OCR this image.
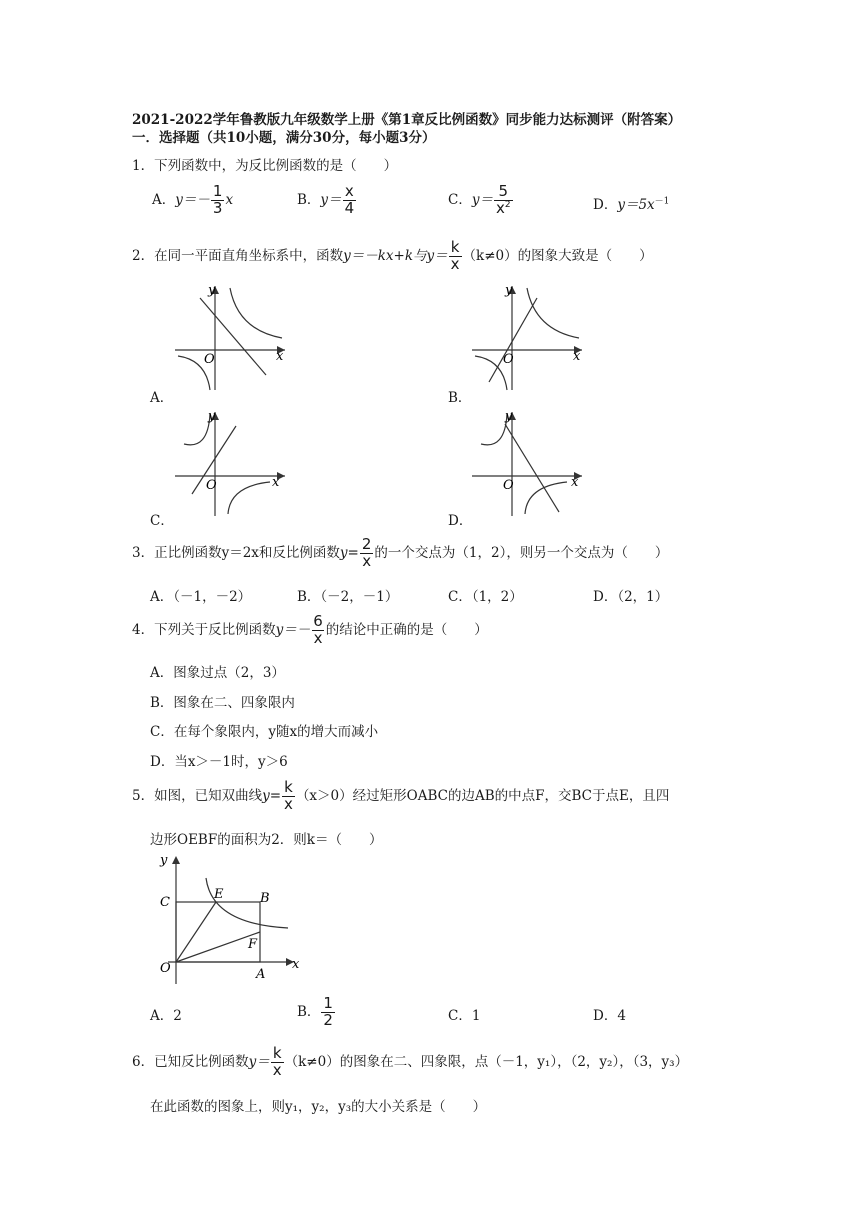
2021-2022学年鲁教版九年级数学上册《第1章反比例函数》同步能力达标测评（附答案）
一．选择题（共10小题，满分30分，每小题3分）
1．下列函数中，为反比例函数的是（　　）
A．$y=- \frac{1}{3}$ x	B．$y= \frac{x}{4}$	C．$y= \frac{5}{x^2}$	D．$y=5x^{-1}$
2．在同一平面直角坐标系中，函数y＝－kx+k与$y= \frac{k}{x} (k\ne 0)$的图象大致是（　　）
y
x
O
A．
y
x
O
B．
y
x
O
C．
y
x
O
D．
3．正比例函数y＝2x和反比例函数$y= \frac{2}{x}$ 的一个交点为（1，2），则另一个交点为（　　）
A．（－1，－2）	B．（－2，－1）	C．（1，2）	D．（2，1）
4．下列关于反比例函数$y=- \frac{6}{x}$ 的结论中正确的是（　　）
A．图象过点（2，3）
B．图象在二、四象限内
C．在每个象限内，y随x的增大而减小
D．当x＞－1时，y＞6
5．如图，已知双曲线$y= \frac{k}{x} (x>0)$经过矩形OABC的边AB的中点F，交BC于点E，且四
边形OEBF的面积为2．则k＝（　　）
y
x
O
C
E	B
F
A
A．2	B． $\frac{1}{2}$	C．1	D．4
6．已知反比例函数$y= \frac{k}{x} (k\ne 0)$的图象在二、四象限，点（－1，y₁），（2，y₂），（3，y₃）
在此函数的图象上，则y₁，y₂，y₃的大小关系是（　　）
